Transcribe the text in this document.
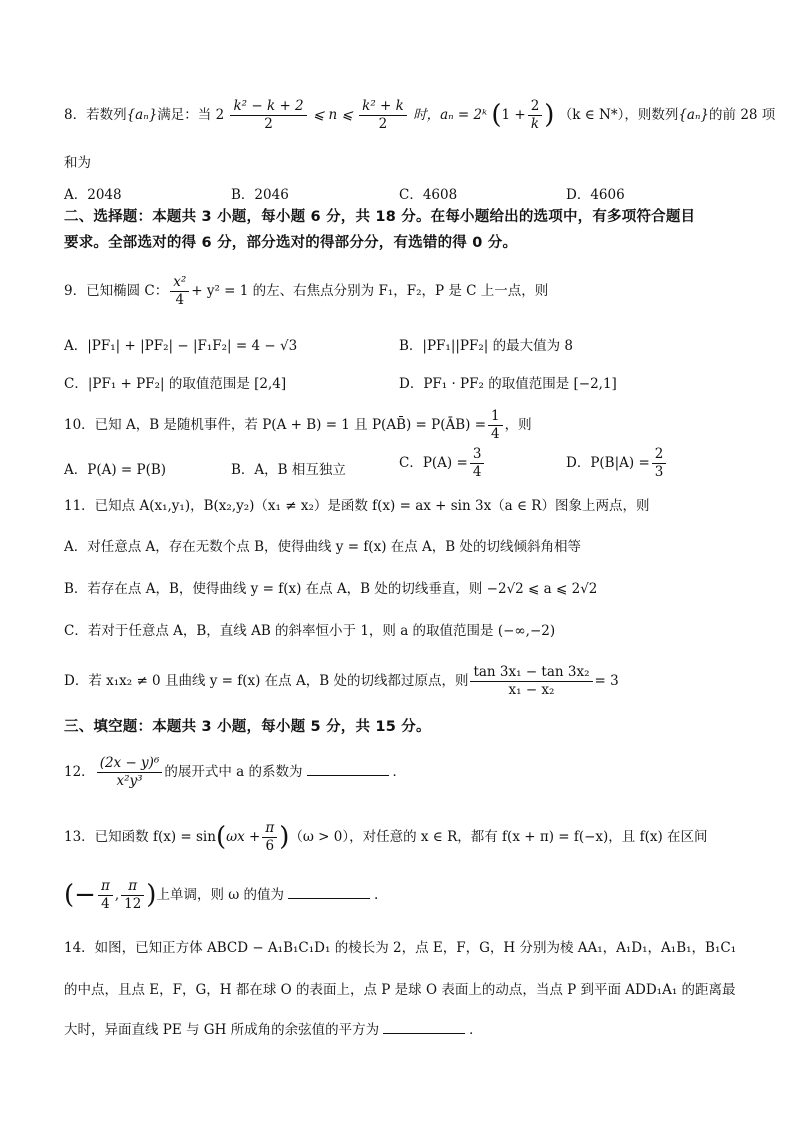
8．若数列{aₙ}满足：当 $2 \frac{\text{k² − k + 2}}{2}$ ⩽ n ⩽ $\frac{\text{k² + k}}{2}$ 时，aₙ = 2ᵏ ($1 + \frac{2}{k}$ ) （k ∈ N*），则数列{aₙ}的前 28 项
和为
A．2048	B．2046	C．4608	D．4606
二、选择题：本题共 3 小题，每小题 6 分，共 18 分。在每小题给出的选项中，有多项符合题目
要求。全部选对的得 6 分，部分选对的得部分分，有选错的得 0 分。
9．已知椭圆 C： $\frac{\text{x²}}{4} + y^2 = 1$ 的左、右焦点分别为 F₁，F₂，P 是 C 上一点，则
A．|PF₁| + |PF₂| − |F₁F₂| = 4 − √3	B．|PF₁||PF₂| 的最大值为 8
C．|PF₁ + PF₂| 的取值范围是 [2,4]	D．PF₁ · PF₂ 的取值范围是 [−2,1]
10．已知 A，B 是随机事件，若 P(A + B) = 1 且 P(AB̄) = P(ĀB) = $\frac{1}{4}$ ，则
A．P(A) = P(B)	B．A，B 相互独立	C．$P(A) = \frac{3}{4}$	D．$P(B|A) = \frac{2}{3}$
11．已知点 A(x₁,y₁)，B(x₂,y₂)（x₁ ≠ x₂）是函数 f(x) = ax + sin 3x（a ∈ R）图象上两点，则
A．对任意点 A，存在无数个点 B，使得曲线 y = f(x) 在点 A，B 处的切线倾斜角相等
B．若存在点 A，B，使得曲线 y = f(x) 在点 A，B 处的切线垂直，则 −2√2 ⩽ a ⩽ 2√2
C．若对于任意点 A，B，直线 AB 的斜率恒小于 1，则 a 的取值范围是 (−∞,−2)
D．若 x₁x₂ ≠ 0 且曲线 y = f(x) 在点 A，B 处的切线都过原点，则 $\frac{\text{tan 3x₁ − tan 3x₂}}{\text{x₁ − x₂}} = 3$
三、填空题：本题共 3 小题，每小题 5 分，共 15 分。
12． $\frac{\text{(2x − y)⁶}}{\text{x²y³}}$ 的展开式中 a 的系数为	．
13．已知函数 $f(x) = \sin(\omega x + \frac{\pi}{6} )(\omega > 0)$，对任意的 x ∈ R，都有 f(x + π) = f(−x)，且 f(x) 在区间
(− $\frac{\pi}{4}$ , $\frac{\pi}{12}$ )上单调，则 ω 的值为	.
14．如图，已知正方体 ABCD − A₁B₁C₁D₁ 的棱长为 2，点 E，F，G，H 分别为棱 AA₁，A₁D₁，A₁B₁，B₁C₁
的中点，且点 E，F，G，H 都在球 O 的表面上，点 P 是球 O 表面上的动点，当点 P 到平面 ADD₁A₁ 的距离最
大时，异面直线 PE 与 GH 所成角的余弦值的平方为	．
